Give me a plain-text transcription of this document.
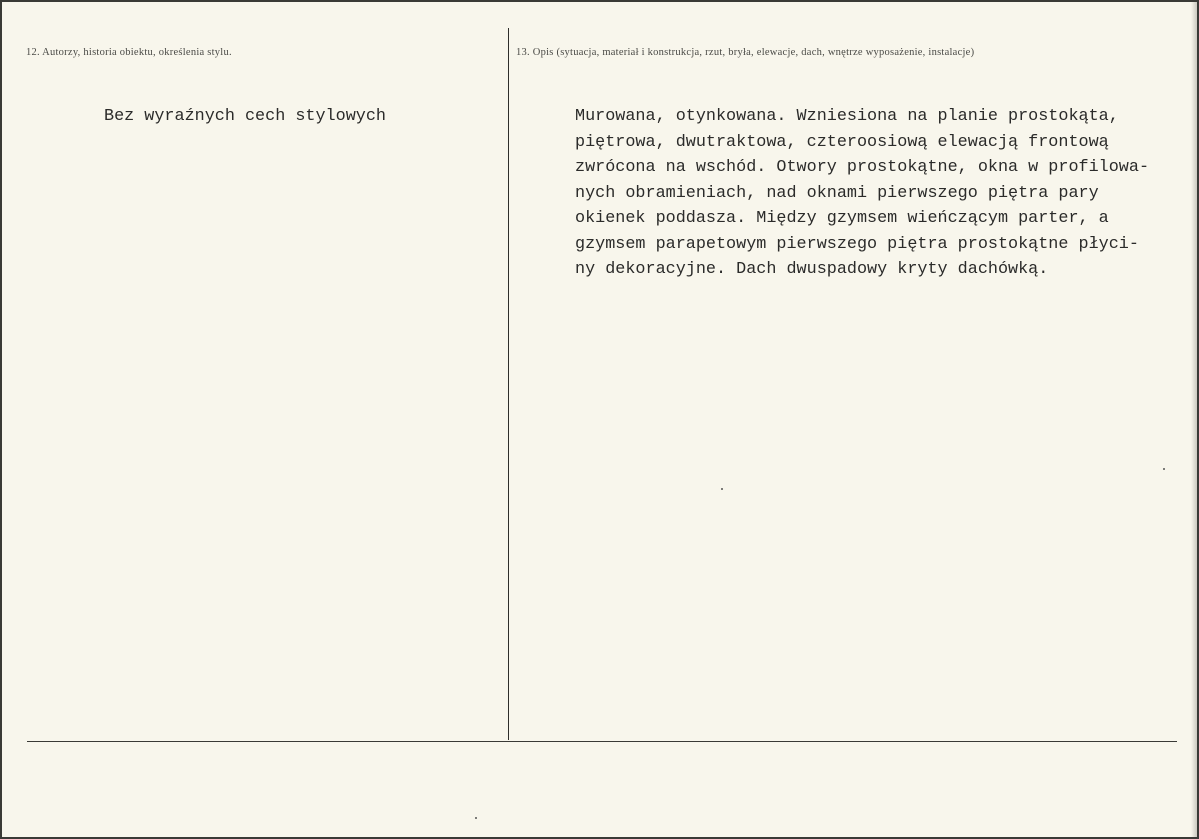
12. Autorzy, historia obiektu, określenia stylu.	13. Opis (sytuacja, materiał i konstrukcja, rzut, bryła, elewacje, dach, wnętrze wyposażenie, instalacje)
Bez wyraźnych cech stylowych	Murowana, otynkowana. Wzniesiona na planie prostokąta,
piętrowa, dwutraktowa, czteroosiową elewacją frontową
zwrócona na wschód. Otwory prostokątne, okna w profilowa-
nych obramieniach, nad oknami pierwszego piętra pary
okienek poddasza. Między gzymsem wieńczącym parter, a
gzymsem parapetowym pierwszego piętra prostokątne płyci-
ny dekoracyjne. Dach dwuspadowy kryty dachówką.
